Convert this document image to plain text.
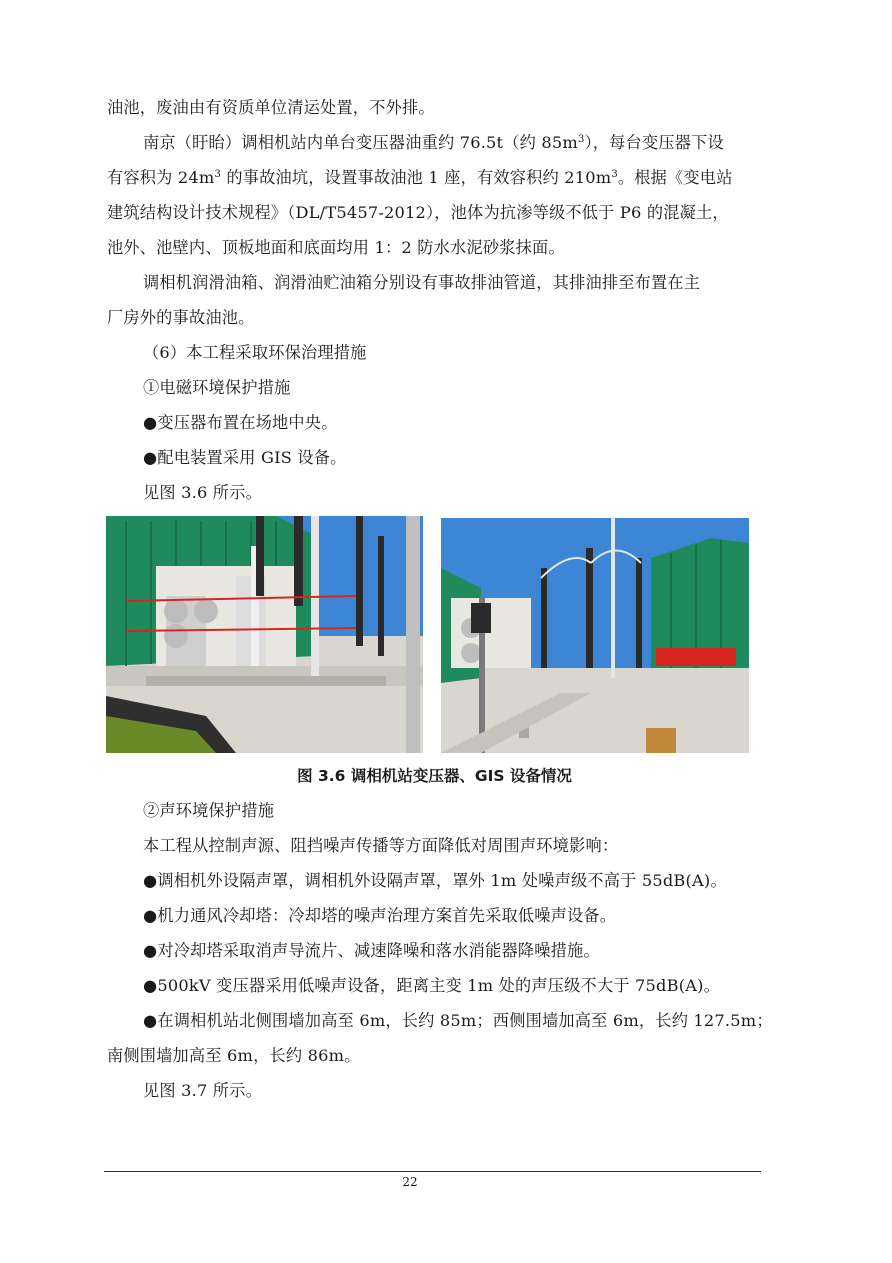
油池，废油由有资质单位清运处置，不外排。
南京（盱眙）调相机站内单台变压器油重约 76.5t（约 $85m^3$），每台变压器下设
有容积为 $24m^3$ 的事故油坑，设置事故油池 1 座，有效容积约 $210m^3$。根据《变电站
建筑结构设计技术规程》（DL/T5457-2012），池体为抗渗等级不低于 P6 的混凝土，
池外、池壁内、顶板地面和底面均用 1：2 防水水泥砂浆抹面。
调相机润滑油箱、润滑油贮油箱分别设有事故排油管道，其排油排至布置在主
厂房外的事故油池。
（6）本工程采取环保治理措施
①电磁环境保护措施
●变压器布置在场地中央。
●配电装置采用 GIS 设备。
见图 3.6 所示。
图 3.6 调相机站变压器、GIS 设备情况
②声环境保护措施
本工程从控制声源、阻挡噪声传播等方面降低对周围声环境影响：
●调相机外设隔声罩，调相机外设隔声罩，罩外 1m 处噪声级不高于 55dB(A)。
●机力通风冷却塔：冷却塔的噪声治理方案首先采取低噪声设备。
●对冷却塔采取消声导流片、减速降噪和落水消能器降噪措施。
●500kV 变压器采用低噪声设备，距离主变 1m 处的声压级不大于 75dB(A)。
●在调相机站北侧围墙加高至 6m，长约 85m；西侧围墙加高至 6m，长约 127.5m；
南侧围墙加高至 6m，长约 86m。
见图 3.7 所示。
22
